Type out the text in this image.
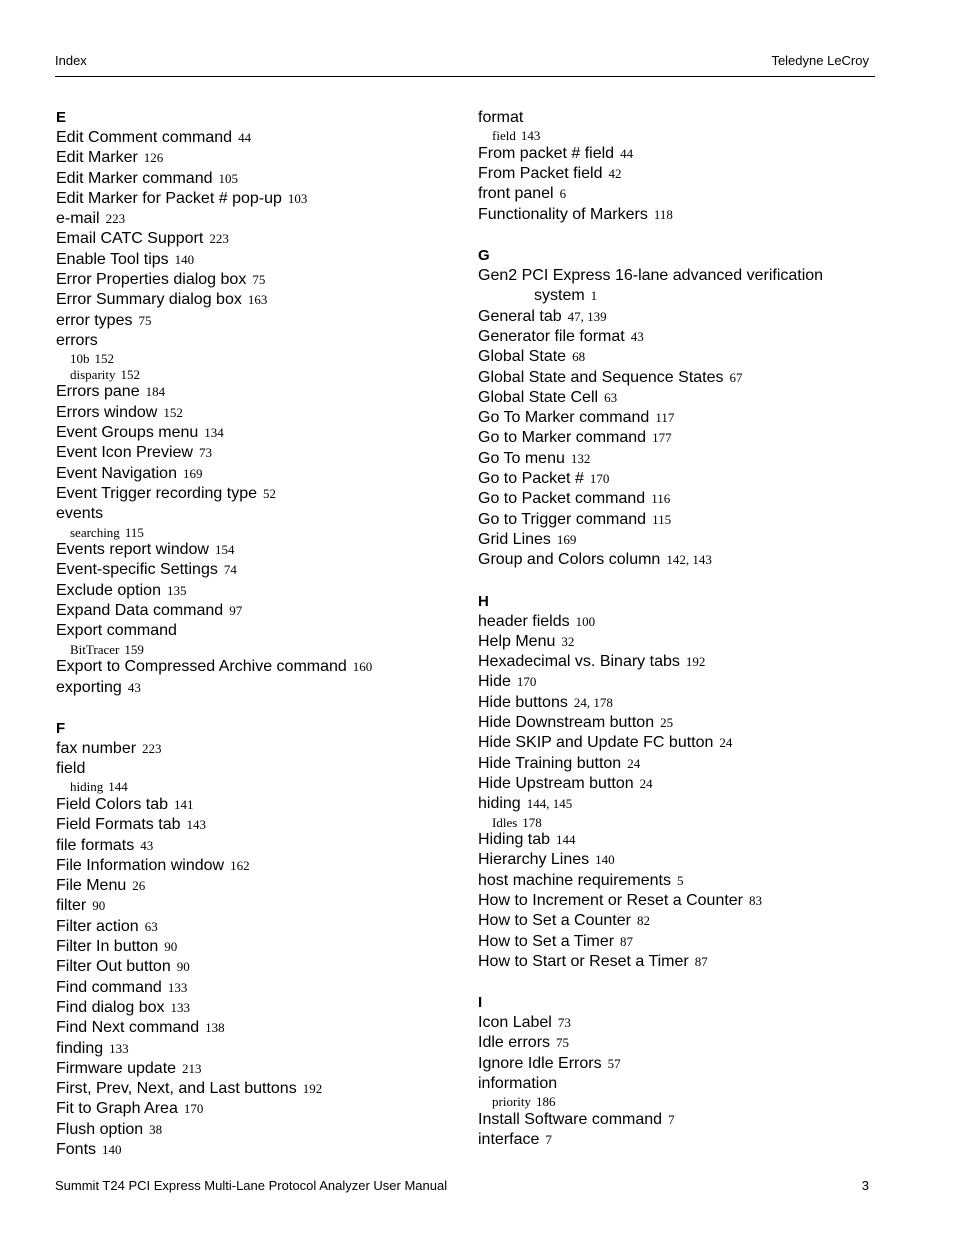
Index	Teledyne LeCroy
E
Edit Comment command 44
Edit Marker 126
Edit Marker command 105
Edit Marker for Packet # pop-up 103
e-mail 223
Email CATC Support 223
Enable Tool tips 140
Error Properties dialog box 75
Error Summary dialog box 163
error types 75
errors
10b 152
disparity 152
Errors pane 184
Errors window 152
Event Groups menu 134
Event Icon Preview 73
Event Navigation 169
Event Trigger recording type 52
events
searching 115
Events report window 154
Event-specific Settings 74
Exclude option 135
Expand Data command 97
Export command
BitTracer 159
Export to Compressed Archive command 160
exporting 43
F
fax number 223
field
hiding 144
Field Colors tab 141
Field Formats tab 143
file formats 43
File Information window 162
File Menu 26
filter 90
Filter action 63
Filter In button 90
Filter Out button 90
Find command 133
Find dialog box 133
Find Next command 138
finding 133
Firmware update 213
First, Prev, Next, and Last buttons 192
Fit to Graph Area 170
Flush option 38
Fonts 140
format
field 143
From packet # field 44
From Packet field 42
front panel 6
Functionality of Markers 118
G
Gen2 PCI Express 16-lane advanced verification
system 1
General tab 47, 139
Generator file format 43
Global State 68
Global State and Sequence States 67
Global State Cell 63
Go To Marker command 117
Go to Marker command 177
Go To menu 132
Go to Packet # 170
Go to Packet command 116
Go to Trigger command 115
Grid Lines 169
Group and Colors column 142, 143
H
header fields 100
Help Menu 32
Hexadecimal vs. Binary tabs 192
Hide 170
Hide buttons 24, 178
Hide Downstream button 25
Hide SKIP and Update FC button 24
Hide Training button 24
Hide Upstream button 24
hiding 144, 145
Idles 178
Hiding tab 144
Hierarchy Lines 140
host machine requirements 5
How to Increment or Reset a Counter 83
How to Set a Counter 82
How to Set a Timer 87
How to Start or Reset a Timer 87
I
Icon Label 73
Idle errors 75
Ignore Idle Errors 57
information
priority 186
Install Software command 7
interface 7
Summit T24 PCI Express Multi-Lane Protocol Analyzer User Manual	3
